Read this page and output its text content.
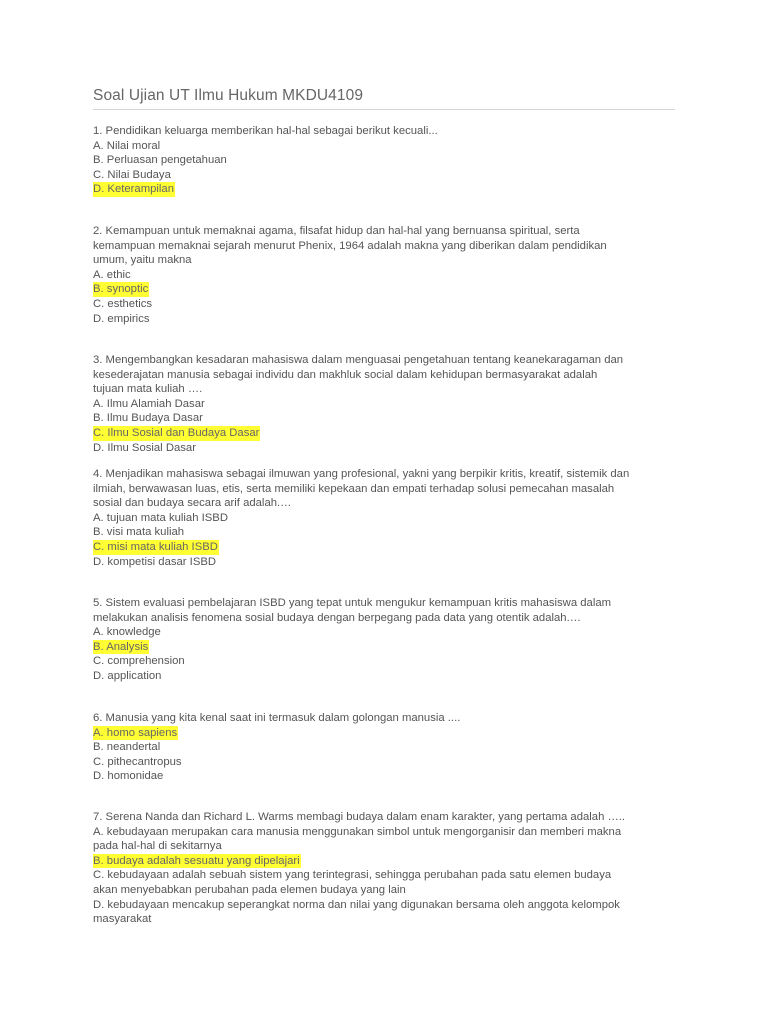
Soal Ujian UT Ilmu Hukum MKDU4109
1. Pendidikan keluarga memberikan hal-hal sebagai berikut kecuali...
A. Nilai moral
B. Perluasan pengetahuan
C. Nilai Budaya
D. Keterampilan
2. Kemampuan untuk memaknai agama, filsafat hidup dan hal-hal yang bernuansa spiritual, serta
kemampuan memaknai sejarah menurut Phenix, 1964 adalah makna yang diberikan dalam pendidikan
umum, yaitu makna
A. ethic
B. synoptic
C. esthetics
D. empirics
3. Mengembangkan kesadaran mahasiswa dalam menguasai pengetahuan tentang keanekaragaman dan
kesederajatan manusia sebagai individu dan makhluk social dalam kehidupan bermasyarakat adalah
tujuan mata kuliah ….
A. Ilmu Alamiah Dasar
B. Ilmu Budaya Dasar
C. Ilmu Sosial dan Budaya Dasar
D. Ilmu Sosial Dasar
4. Menjadikan mahasiswa sebagai ilmuwan yang profesional, yakni yang berpikir kritis, kreatif, sistemik dan
ilmiah, berwawasan luas, etis, serta memiliki kepekaan dan empati terhadap solusi pemecahan masalah
sosial dan budaya secara arif adalah.…
A. tujuan mata kuliah ISBD
B. visi mata kuliah
C. misi mata kuliah ISBD
D. kompetisi dasar ISBD
5. Sistem evaluasi pembelajaran ISBD yang tepat untuk mengukur kemampuan kritis mahasiswa dalam
melakukan analisis fenomena sosial budaya dengan berpegang pada data yang otentik adalah.…
A. knowledge
B. Analysis
C. comprehension
D. application
6. Manusia yang kita kenal saat ini termasuk dalam golongan manusia ....
A. homo sapiens
B. neandertal
C. pithecantropus
D. homonidae
7. Serena Nanda dan Richard L. Warms membagi budaya dalam enam karakter, yang pertama adalah …..
A. kebudayaan merupakan cara manusia menggunakan simbol untuk mengorganisir dan memberi makna
pada hal-hal di sekitarnya
B. budaya adalah sesuatu yang dipelajari
C. kebudayaan adalah sebuah sistem yang terintegrasi, sehingga perubahan pada satu elemen budaya
akan menyebabkan perubahan pada elemen budaya yang lain
D. kebudayaan mencakup seperangkat norma dan nilai yang digunakan bersama oleh anggota kelompok
masyarakat
